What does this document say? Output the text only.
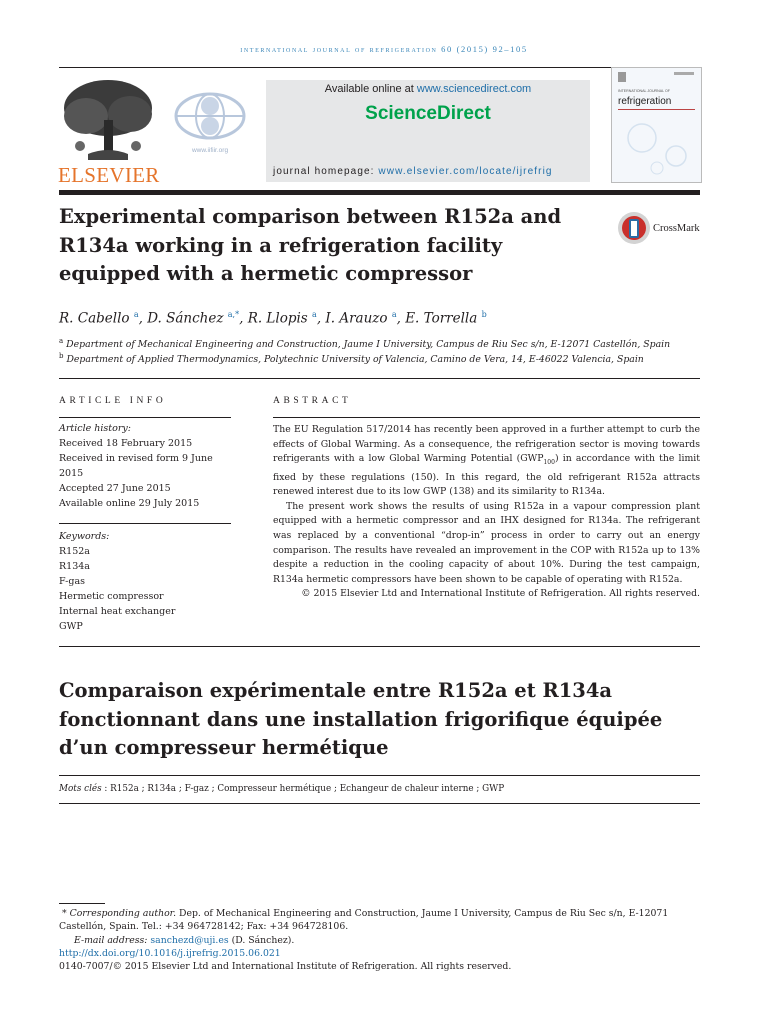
international journal of refrigeration 60 (2015) 92–105
ELSEVIER
www.iifiir.org
Available online at www.sciencedirect.com
ScienceDirect
journal homepage: www.elsevier.com/locate/ijrefrig
INTERNATIONAL JOURNAL OF
refrigeration
Experimental comparison between R152a and R134a working in a refrigeration facility equipped with a hermetic compressor
CrossMark
R. Cabello $^a$, D. Sánchez $^{a,*}$, R. Llopis $^a$, I. Arauzo $^a$, E. Torrella $^b$
$^a$ Department of Mechanical Engineering and Construction, Jaume I University, Campus de Riu Sec s/n, E-12071 Castellón, Spain
$^b$ Department of Applied Thermodynamics, Polytechnic University of Valencia, Camino de Vera, 14, E-46022 Valencia, Spain
ARTICLE INFO	ABSTRACT
Article history:
Received 18 February 2015
Received in revised form 9 June 2015
Accepted 27 June 2015
Available online 29 July 2015
Keywords:
R152a
R134a
F-gas
Hermetic compressor
Internal heat exchanger
GWP

The EU Regulation 517/2014 has recently been approved in a further attempt to curb the effects of Global Warming. As a consequence, the refrigeration sector is moving towards refrigerants with a low Global Warming Potential $(GWP_{100})$ in accordance with the limit fixed by these regulations (150). In this regard, the old refrigerant R152a attracts renewed interest due to its low GWP (138) and its similarity to R134a.

The present work shows the results of using R152a in a vapour compression plant equipped with a hermetic compressor and an IHX designed for R134a. The refrigerant was replaced by a conventional “drop-in” process in order to carry out an energy comparison. The results have revealed an improvement in the COP with R152a up to 13% despite a reduction in the cooling capacity of about 10%. During the test campaign, R134a hermetic compressors have been shown to be capable of operating with R152a.

© 2015 Elsevier Ltd and International Institute of Refrigeration. All rights reserved.

Comparaison expérimentale entre R152a et R134a fonctionnant dans une installation frigorifique équipée d’un compresseur hermétique
Mots clés : R152a ; R134a ; F-gaz ; Compresseur hermétique ; Echangeur de chaleur interne ; GWP
* Corresponding author. Dep. of Mechanical Engineering and Construction, Jaume I University, Campus de Riu Sec s/n, E-12071 Castellón, Spain. Tel.: +34 964728142; Fax: +34 964728106.
E-mail address: sanchezd@uji.es (D. Sánchez).
http://dx.doi.org/10.1016/j.ijrefrig.2015.06.021
0140-7007/© 2015 Elsevier Ltd and International Institute of Refrigeration. All rights reserved.
